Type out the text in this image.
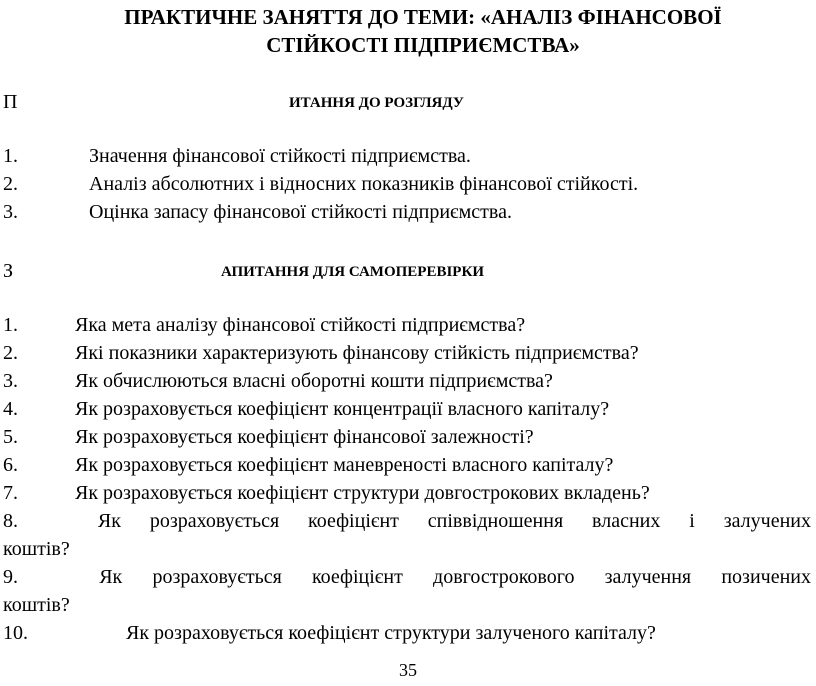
ПРАКТИЧНЕ ЗАНЯТТЯ ДО ТЕМИ: «АНАЛІЗ ФІНАНСОВОЇ
СТІЙКОСТІ ПІДПРИЄМСТВА»
П	ИТАННЯ ДО РОЗГЛЯДУ
1.	Значення фінансової стійкості підприємства.
2.	Аналіз абсолютних і відносних показників фінансової стійкості.
3.	Оцінка запасу фінансової стійкості підприємства.
З	АПИТАННЯ ДЛЯ САМОПЕРЕВІРКИ
1.	Яка мета аналізу фінансової стійкості підприємства?
2.	Які показники характеризують фінансову стійкість підприємства?
3.	Як обчислюються власні оборотні кошти підприємства?
4.	Як розраховується коефіцієнт концентрації власного капіталу?
5.	Як розраховується коефіцієнт фінансової залежності?
6.	Як розраховується коефіцієнт маневреності власного капіталу?
7.	Як розраховується коефіцієнт структури довгострокових вкладень?
8.	Як розраховується коефіцієнт співвідношення власних і залучених
коштів?
9.	Як розраховується коефіцієнт довгострокового залучення позичених
коштів?
10.	Як розраховується коефіцієнт структури залученого капіталу?
35
